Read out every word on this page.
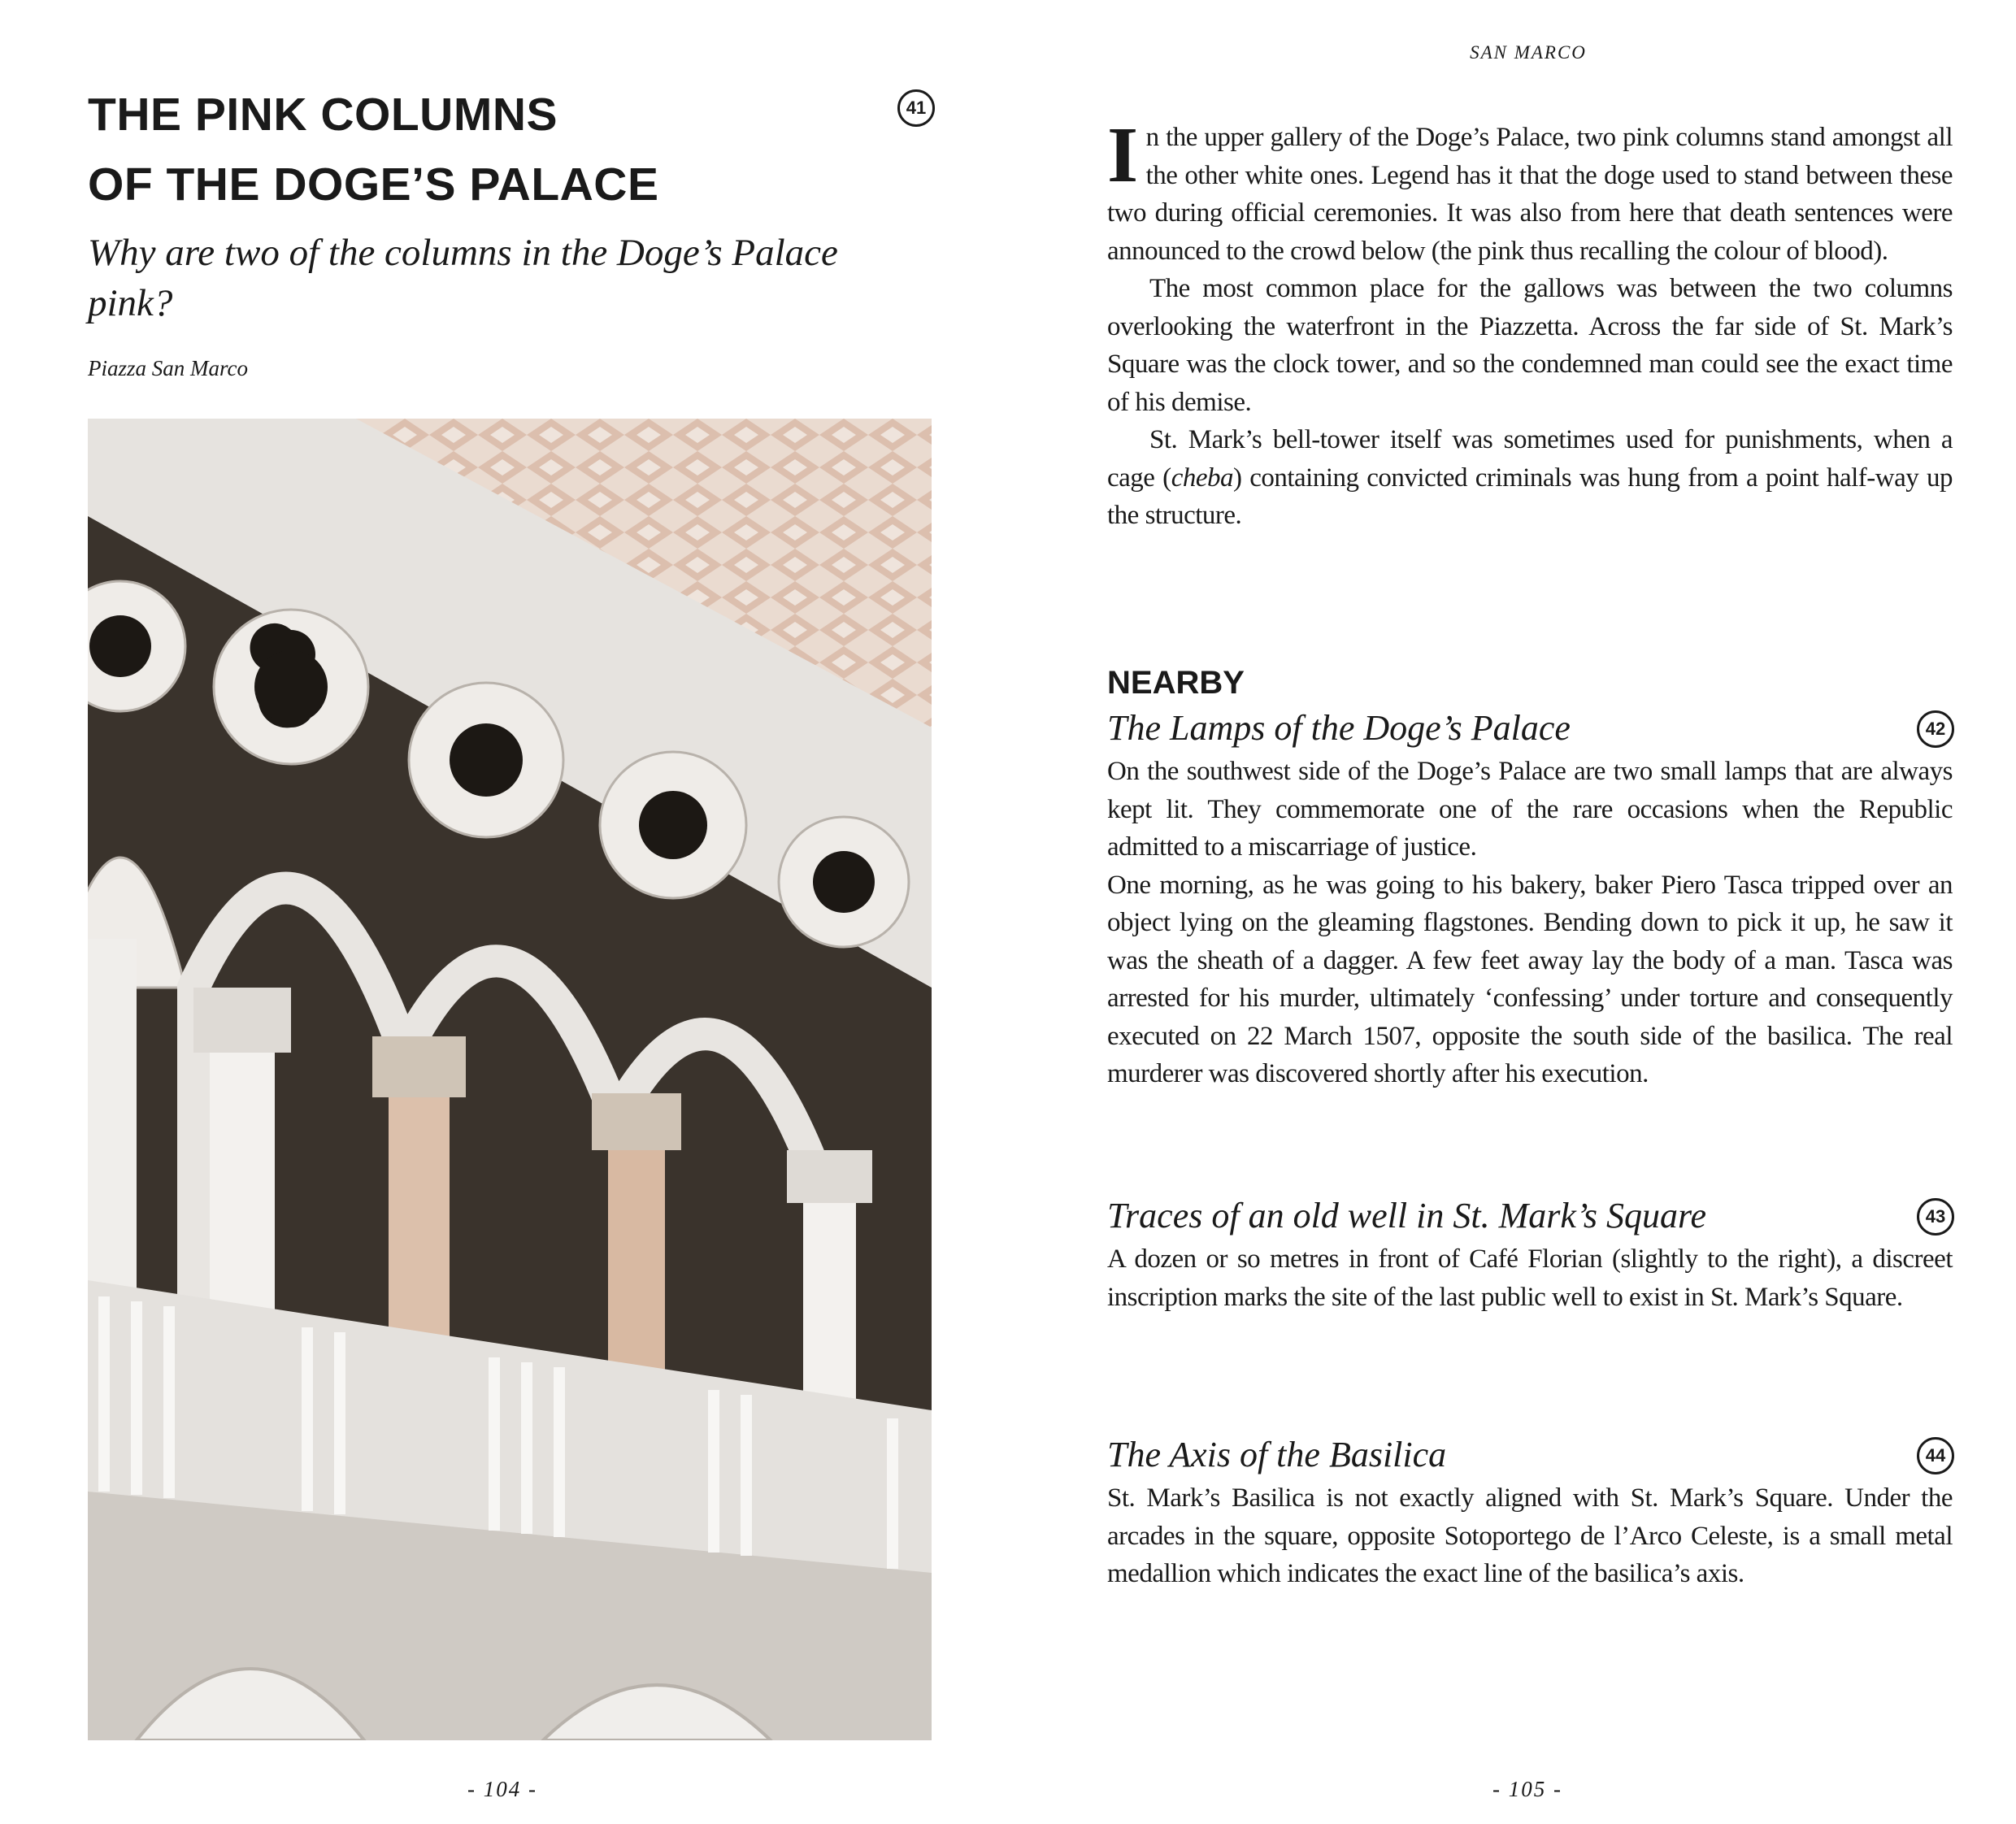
THE PINK COLUMNS
OF THE DOGE’S PALACE
41
Why are two of the columns in the Doge’s Palace pink?
Piazza San Marco
- 104 -
SAN MARCO

In the upper gallery of the Doge’s Palace, two pink columns stand amongst all the other white ones. Legend has it that the doge used to stand between these two during official ceremonies. It was also from here that death sentences were announced to the crowd below (the pink thus recalling the colour of blood).

The most common place for the gallows was between the two columns overlooking the waterfront in the Piazzetta. Across the far side of St. Mark’s Square was the clock tower, and so the condemned man could see the exact time of his demise.

St. Mark’s bell-tower itself was sometimes used for punishments, when a cage (cheba) containing convicted criminals was hung from a point half-way up the structure.

NEARBY
The Lamps of the Doge’s Palace	42

On the southwest side of the Doge’s Palace are two small lamps that are always kept lit. They commemorate one of the rare occasions when the Republic admitted to a miscarriage of justice.

One morning, as he was going to his bakery, baker Piero Tasca tripped over an object lying on the gleaming flagstones. Bending down to pick it up, he saw it was the sheath of a dagger. A few feet away lay the body of a man. Tasca was arrested for his murder, ultimately ‘confessing’ under torture and consequently executed on 22 March 1507, opposite the south side of the basilica. The real murderer was discovered shortly after his execution.

Traces of an old well in St. Mark’s Square	43

A dozen or so metres in front of Café Florian (slightly to the right), a discreet inscription marks the site of the last public well to exist in St. Mark’s Square.

The Axis of the Basilica	44

St. Mark’s Basilica is not exactly aligned with St. Mark’s Square. Under the arcades in the square, opposite Sotoportego de l’Arco Celeste, is a small metal medallion which indicates the exact line of the basilica’s axis.

- 105 -
